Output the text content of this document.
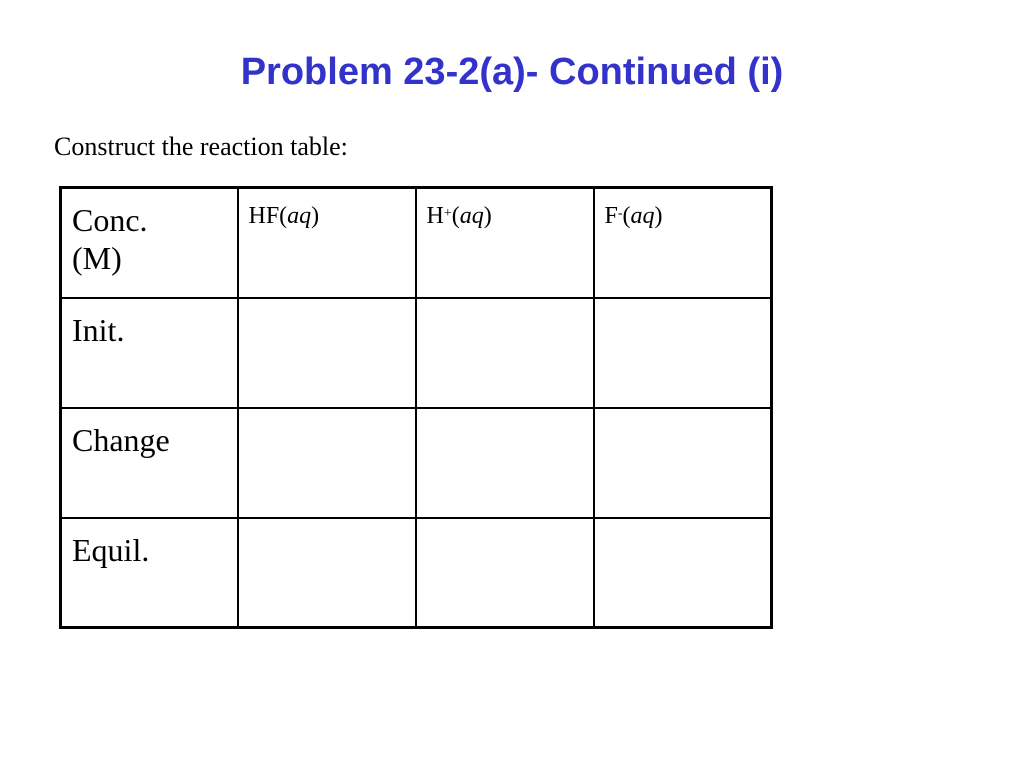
Problem 23-2(a)- Continued (i)
Construct the reaction table:
Conc.
(M)	HF(aq)	H+(aq)	F-(aq)
Init.			
Change			
Equil.			
